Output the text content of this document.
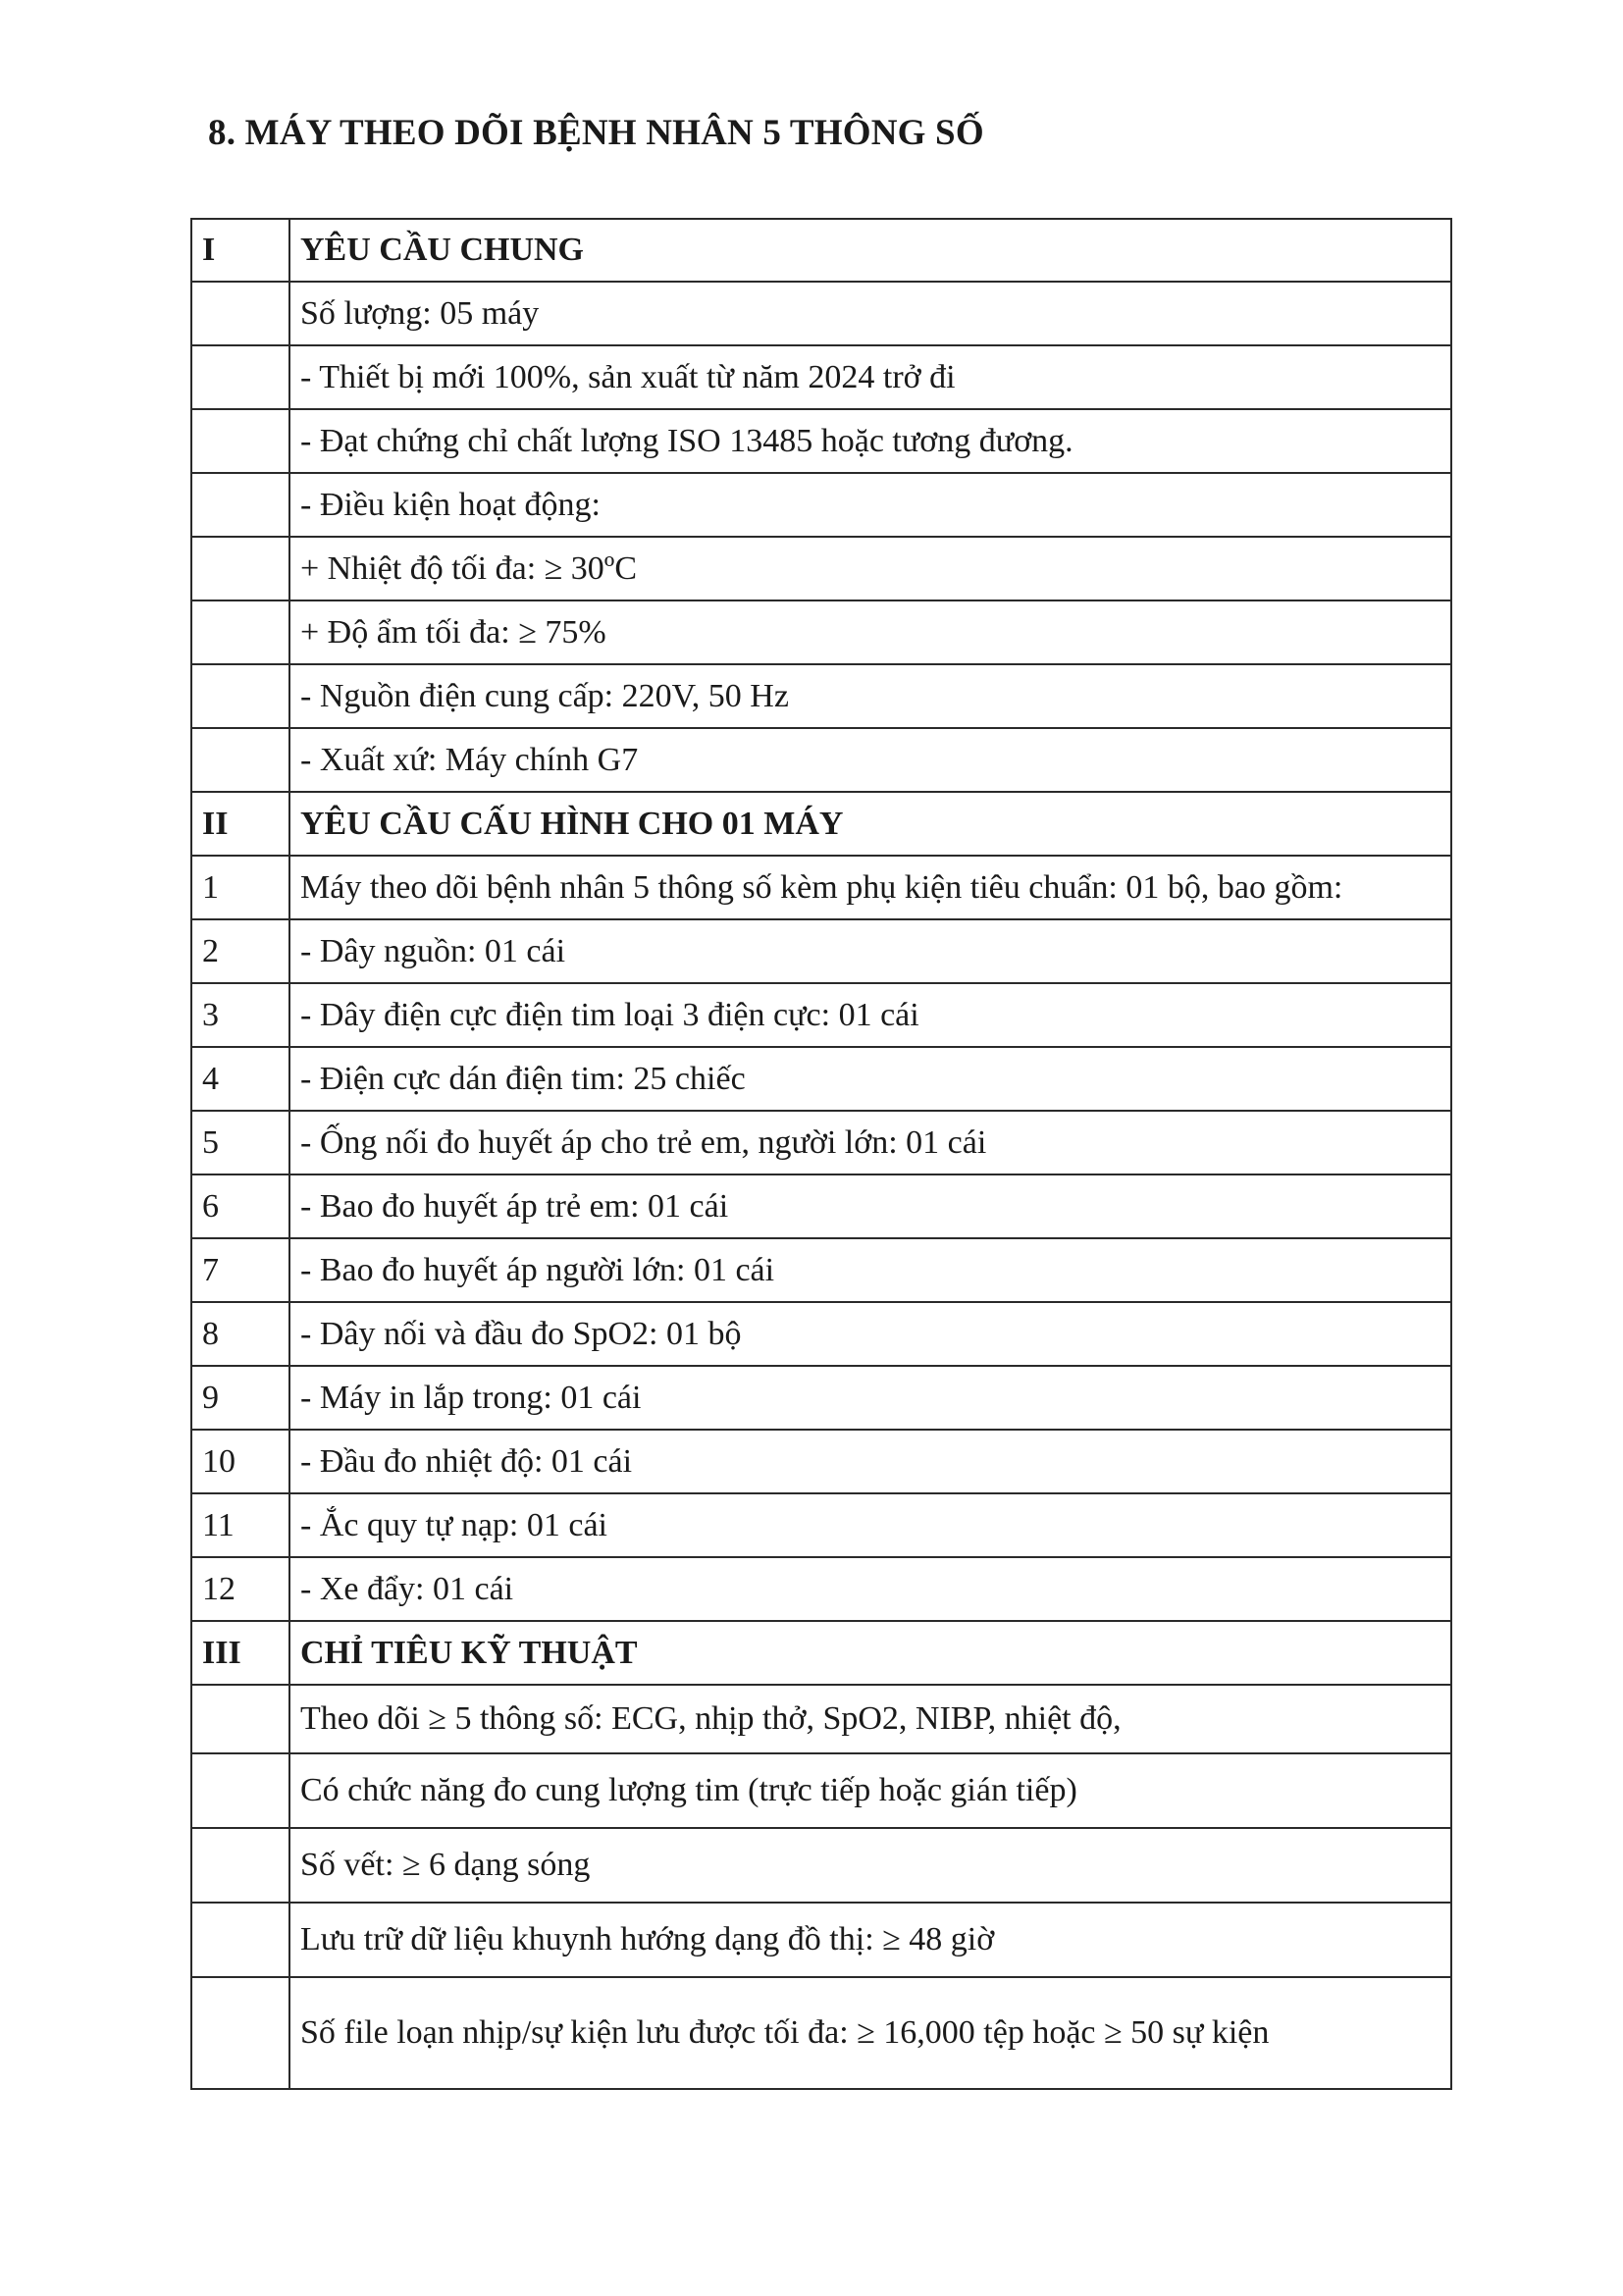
8. MÁY THEO DÕI BỆNH NHÂN 5 THÔNG SỐ
I	YÊU CẦU CHUNG
	Số lượng: 05 máy
	- Thiết bị mới 100%, sản xuất từ năm 2024 trở đi
	- Đạt chứng chỉ chất lượng ISO 13485 hoặc tương đương.
	- Điều kiện hoạt động:
	+ Nhiệt độ tối đa: ≥ 30ºC
	+ Độ ẩm tối đa: ≥ 75%
	- Nguồn điện cung cấp: 220V, 50 Hz
	- Xuất xứ: Máy chính G7
II	YÊU CẦU CẤU HÌNH CHO 01 MÁY
1	Máy theo dõi bệnh nhân 5 thông số kèm phụ kiện tiêu chuẩn: 01 bộ, bao gồm:
2	- Dây nguồn: 01 cái
3	- Dây điện cực điện tim loại 3 điện cực: 01 cái
4	- Điện cực dán điện tim: 25 chiếc
5	- Ống nối đo huyết áp cho trẻ em, người lớn: 01 cái
6	- Bao đo huyết áp trẻ em: 01 cái
7	- Bao đo huyết áp người lớn: 01 cái
8	- Dây nối và đầu đo SpO2: 01 bộ
9	- Máy in lắp trong: 01 cái
10	- Đầu đo nhiệt độ: 01 cái
11	- Ắc quy tự nạp: 01 cái
12	- Xe đẩy: 01 cái
III	CHỈ TIÊU KỸ THUẬT
	Theo dõi ≥ 5 thông số: ECG, nhịp thở, SpO2, NIBP, nhiệt độ,
	Có chức năng đo cung lượng tim (trực tiếp hoặc gián tiếp)
	Số vết: ≥ 6 dạng sóng
	Lưu trữ dữ liệu khuynh hướng dạng đồ thị: ≥ 48 giờ
	Số file loạn nhịp/sự kiện lưu được tối đa: ≥ 16,000 tệp hoặc ≥ 50 sự kiện
